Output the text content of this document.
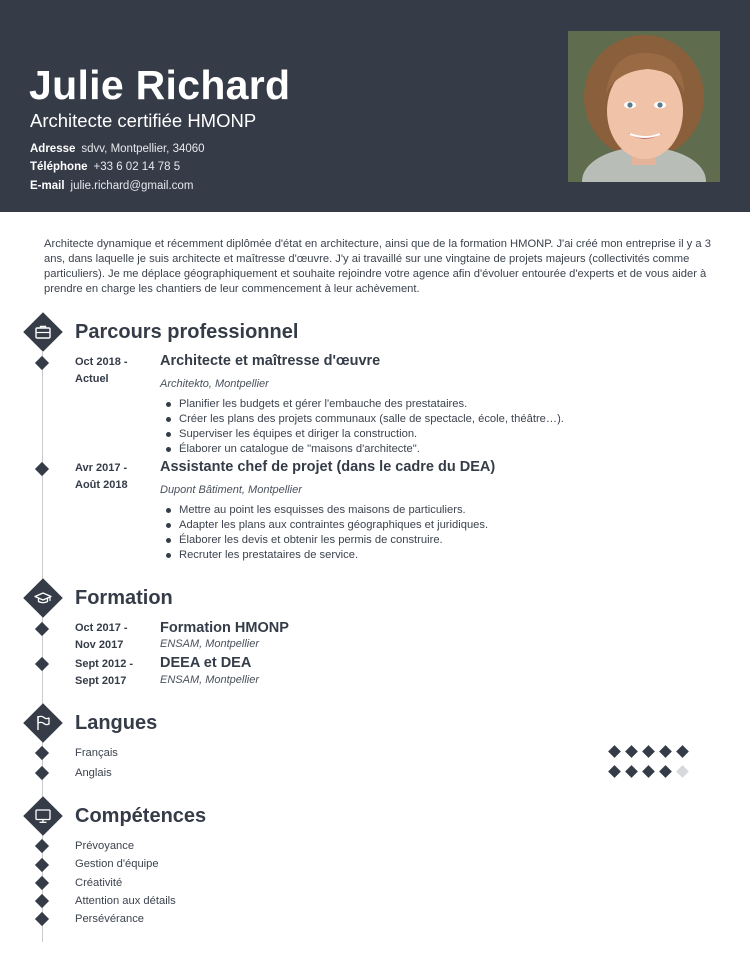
Julie Richard
Architecte certifiée HMONP
Adresse sdvv, Montpellier, 34060
Téléphone +33 6 02 14 78 5
E-mail julie.richard@gmail.com
Architecte dynamique et récemment diplômée d'état en architecture, ainsi que de la formation HMONP. J'ai créé mon entreprise il y a 3 ans, dans laquelle je suis architecte et maîtresse d'œuvre. J'y ai travaillé sur une vingtaine de projets majeurs (collectivités comme particuliers). Je me déplace géographiquement et souhaite rejoindre votre agence afin d'évoluer entourée d'experts et de vous aider à prendre en charge les chantiers de leur commencement à leur achèvement.
Parcours professionnel
Oct 2018 -
Actuel
Architecte et maîtresse d'œuvre
Architekto, Montpellier
Planifier les budgets et gérer l'embauche des prestataires.
Créer les plans des projets communaux (salle de spectacle, école, théâtre…).
Superviser les équipes et diriger la construction.
Élaborer un catalogue de "maisons d'architecte".
Avr 2017 -
Août 2018
Assistante chef de projet (dans le cadre du DEA)
Dupont Bâtiment, Montpellier
Mettre au point les esquisses des maisons de particuliers.
Adapter les plans aux contraintes géographiques et juridiques.
Élaborer les devis et obtenir les permis de construire.
Recruter les prestataires de service.
Formation
Oct 2017 -
Nov 2017
Formation HMONP
ENSAM, Montpellier
Sept 2012 -
Sept 2017
DEEA et DEA
ENSAM, Montpellier
Langues
Français
Anglais
Compétences
Prévoyance
Gestion d'équipe
Créativité
Attention aux détails
Persévérance
